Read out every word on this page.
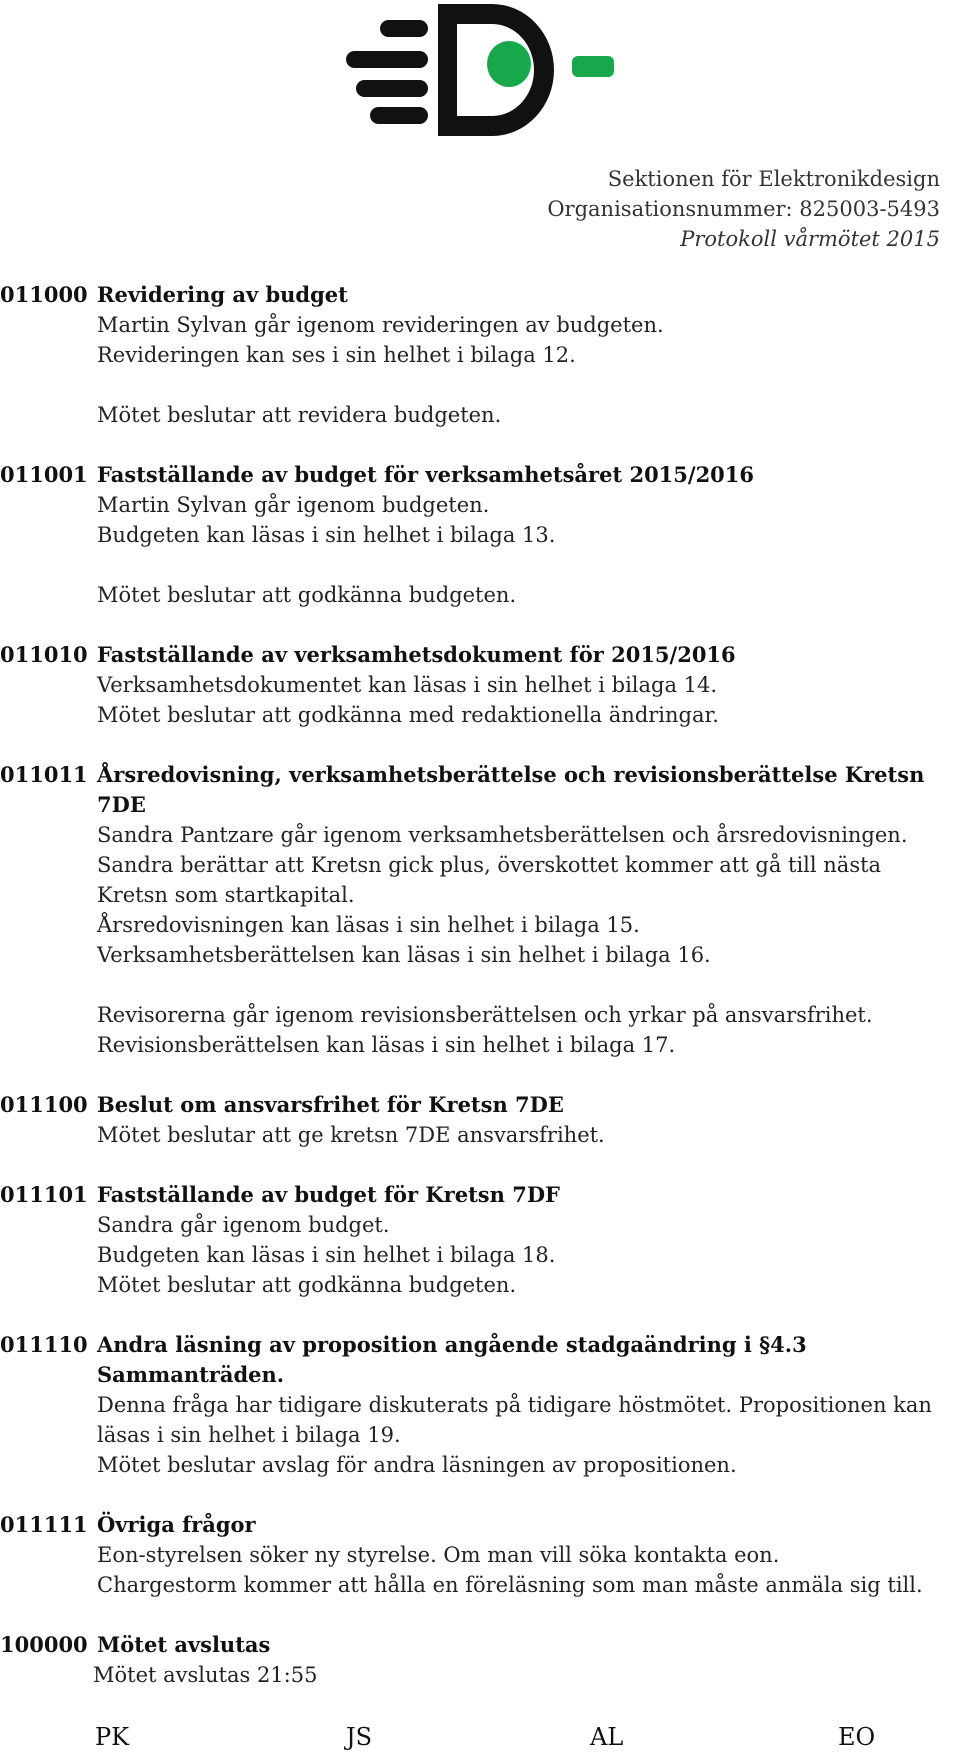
Sektionen för Elektronikdesign
Organisationsnummer: 825003-5493
Protokoll vårmötet 2015
011000 Revidering av budget

Martin Sylvan går igenom revideringen av budgeten.

Revideringen kan ses i sin helhet i bilaga 12.

Mötet beslutar att revidera budgeten.

011001 Fastställande av budget för verksamhetsåret 2015/2016

Martin Sylvan går igenom budgeten.

Budgeten kan läsas i sin helhet i bilaga 13.

Mötet beslutar att godkänna budgeten.

011010 Fastställande av verksamhetsdokument för 2015/2016

Verksamhetsdokumentet kan läsas i sin helhet i bilaga 14.

Mötet beslutar att godkänna med redaktionella ändringar.

011011 Årsredovisning, verksamhetsberättelse och revisionsberättelse Kretsn
7DE

Sandra Pantzare går igenom verksamhetsberättelsen och årsredovisningen.

Sandra berättar att Kretsn gick plus, överskottet kommer att gå till nästa

Kretsn som startkapital.

Årsredovisningen kan läsas i sin helhet i bilaga 15.

Verksamhetsberättelsen kan läsas i sin helhet i bilaga 16.

Revisorerna går igenom revisionsberättelsen och yrkar på ansvarsfrihet.

Revisionsberättelsen kan läsas i sin helhet i bilaga 17.

011100 Beslut om ansvarsfrihet för Kretsn 7DE

Mötet beslutar att ge kretsn 7DE ansvarsfrihet.

011101 Fastställande av budget för Kretsn 7DF

Sandra går igenom budget.

Budgeten kan läsas i sin helhet i bilaga 18.

Mötet beslutar att godkänna budgeten.

011110 Andra läsning av proposition angående stadgaändring i §4.3
Sammanträden.

Denna fråga har tidigare diskuterats på tidigare höstmötet. Propositionen kan

läsas i sin helhet i bilaga 19.

Mötet beslutar avslag för andra läsningen av propositionen.

011111 Övriga frågor

Eon-styrelsen söker ny styrelse. Om man vill söka kontakta eon.

Chargestorm kommer att hålla en föreläsning som man måste anmäla sig till.

100000 Mötet avslutas

Mötet avslutas 21:55

PK	JS	AL	EO
